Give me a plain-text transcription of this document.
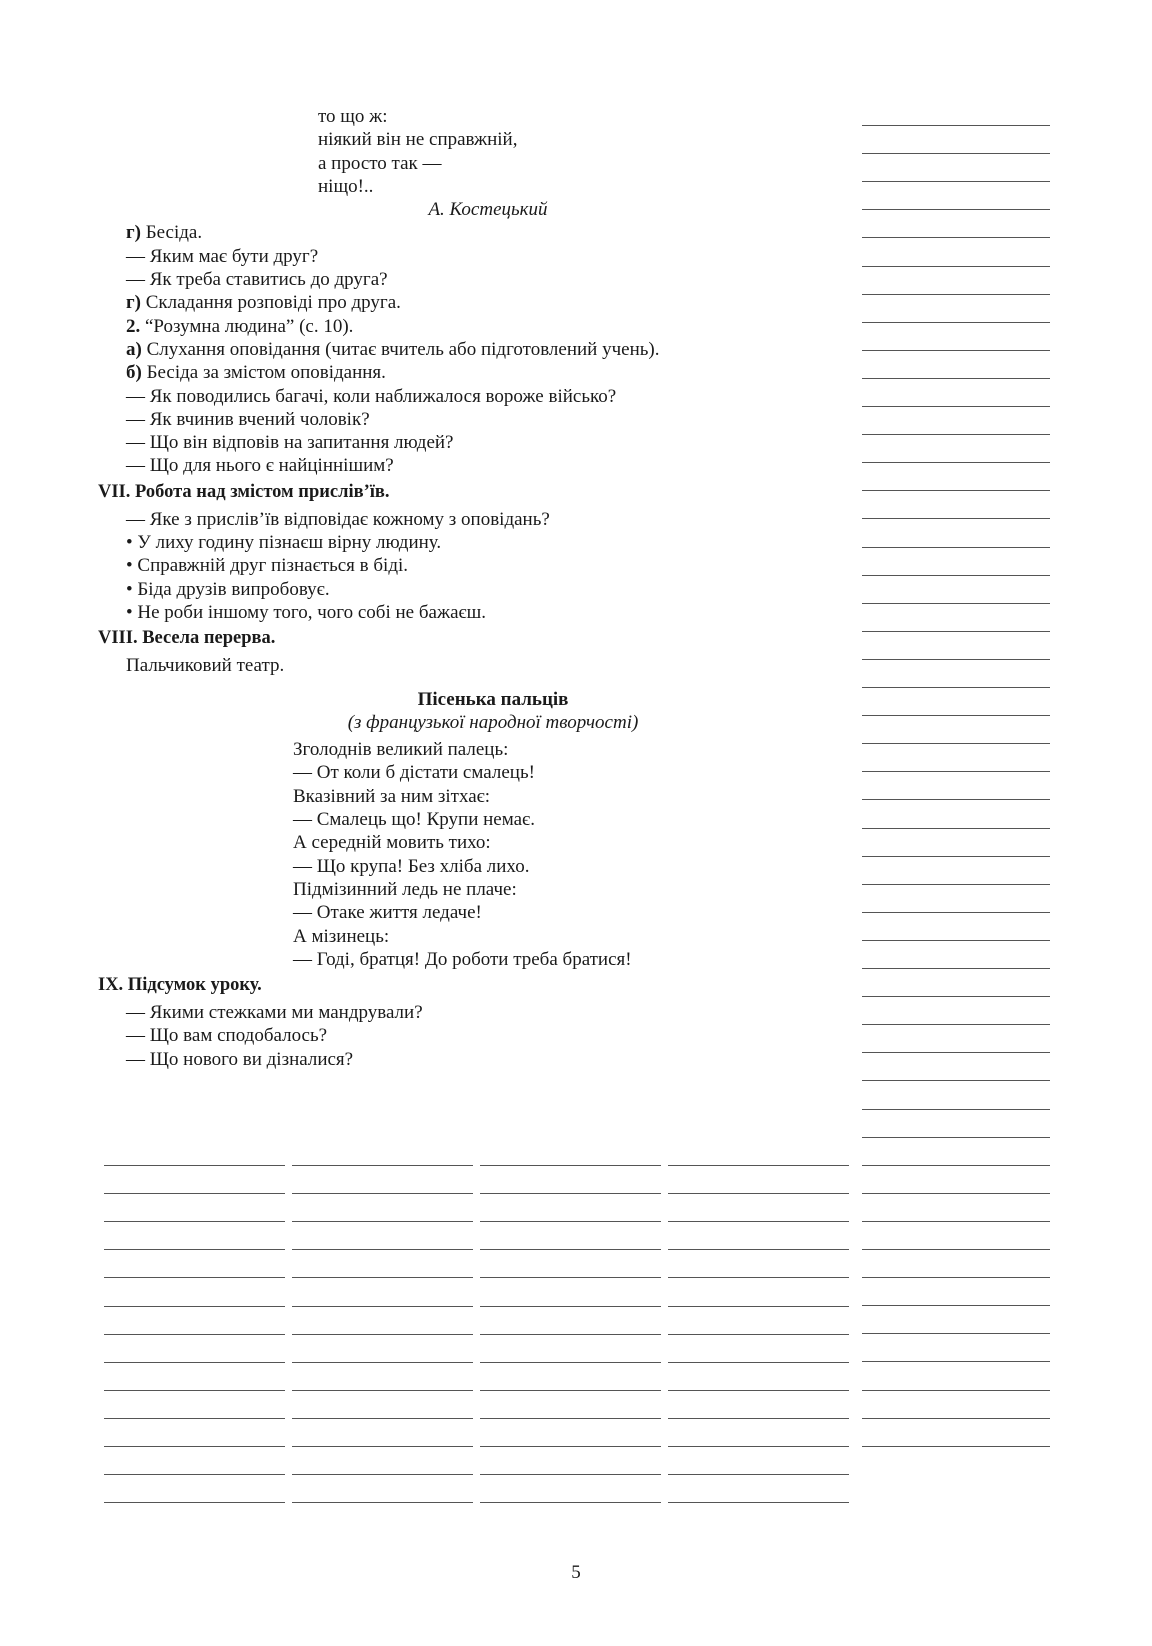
то що ж:
ніякий він не справжній,
а просто так —
нiщо!..
А. Костецький
г) Бесіда.
— Яким має бути друг?
— Як треба ставитись до друга?
г) Складання розповіді про друга.
2. “Розумна людина” (с. 10).
а) Слухання оповідання (читає вчитель або підготовлений учень).
б) Бесіда за змістом оповідання.
— Як поводились багачі, коли наближалося вороже військо?
— Як вчинив вчений чоловік?
— Що він відповів на запитання людей?
— Що для нього є найціннішим?
VII. Робота над змістом прислів’їв.
— Яке з прислів’їв відповідає кожному з оповідань?
• У лиху годину пізнаєш вірну людину.
• Справжній друг пізнається в біді.
• Біда друзів випробовує.
• Не роби іншому того, чого собі не бажаєш.
VIII. Весела перерва.
Пальчиковий театр.
Пісенька пальців
(з французької народної творчості)
Зголоднів великий палець:
— От коли б дістати смалець!
Вказівний за ним зітхає:
— Смалець що! Крупи немає.
А середній мовить тихо:
— Що крупа! Без хліба лихо.
Підмізинний ледь не плаче:
— Отаке життя ледаче!
А мізинець:
— Годі, братця! До роботи треба братися!
IX. Підсумок уроку.
— Якими стежками ми мандрували?
— Що вам сподобалось?
— Що нового ви дізналися?
5
